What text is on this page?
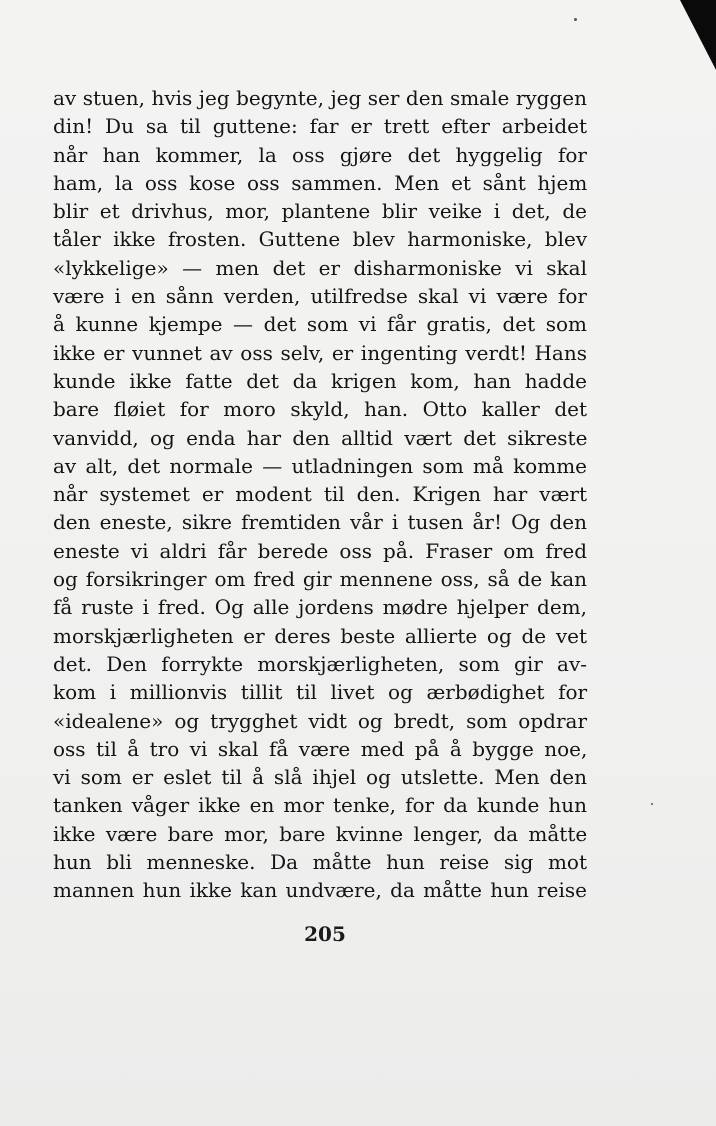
av stuen, hvis jeg begynte, jeg ser den smale ryggen
din! Du sa til guttene: far er trett efter arbeidet
når han kommer, la oss gjøre det hyggelig for
ham, la oss kose oss sammen. Men et sånt hjem
blir et drivhus, mor, plantene blir veike i det, de
tåler ikke frosten. Guttene blev harmoniske, blev
«lykkelige» — men det er disharmoniske vi skal
være i en sånn verden, utilfredse skal vi være for
å kunne kjempe — det som vi får gratis, det som
ikke er vunnet av oss selv, er ingenting verdt! Hans
kunde ikke fatte det da krigen kom, han hadde
bare fløiet for moro skyld, han. Otto kaller det
vanvidd, og enda har den alltid vært det sikreste
av alt, det normale — utladningen som må komme
når systemet er modent til den. Krigen har vært
den eneste, sikre fremtiden vår i tusen år! Og den
eneste vi aldri får berede oss på. Fraser om fred
og forsikringer om fred gir mennene oss, så de kan
få ruste i fred. Og alle jordens mødre hjelper dem,
morskjærligheten er deres beste allierte og de vet
det. Den forrykte morskjærligheten, som gir av-
kom i millionvis tillit til livet og ærbødighet for
«idealene» og trygghet vidt og bredt, som opdrar
oss til å tro vi skal få være med på å bygge noe,
vi som er eslet til å slå ihjel og utslette. Men den
tanken våger ikke en mor tenke, for da kunde hun
ikke være bare mor, bare kvinne lenger, da måtte
hun bli menneske. Da måtte hun reise sig mot
mannen hun ikke kan undvære, da måtte hun reise
205
